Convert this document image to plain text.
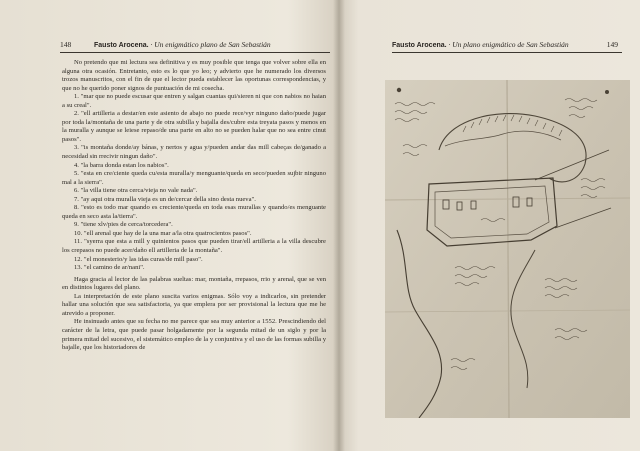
148	Fausto Arocena. · Un enigmático plano de San Sebastián

No pretendo que mi lectura sea definitiva y es muy posible que tenga que volver sobre ella en alguna otra ocasión. Entretanto, esto es lo que yo leo; y advierto que he numerado los diversos trozos manuscritos, con el fin de que el lector pueda establecer las oportunas correspondencias, y que no he querido poner signos de puntuación de mi cosecha.

1. "mar que no puede escusar que entren y salgan cuantas qui/sieren ni que con nabios no haian a su creal".

2. "ell artilleria a destar/en este asiento de abajo no puede rece/vyr ninguno daño/puede jugar por toda la/montaña de una parte y de otra subilla y bajalla des/cubre esta treyata pasos y menos en la muralla y aunque se leiese repaso/de una parte en alto no se pueden halar que no sea entre cinut pasos".

3. "is montaña donde/ay bánas, y nertos y agua y/pueden andar das mill cabeças de/ganado a necesidad sin rrecivir ningun daño".

4. "la barra donda estan los nabios".

5. "esta en cre/ciente queda cu/esta muralla/y menguante/queda en seco/pueden sujbir ninguno mal a la sierra".

6. "la villa tiene otra cerca/vieja no vale nada".

7. "ay aqui otra muralla vieja es un de/cercar della sino desta nueva".

8. "esto es todo mar quando es creciente/queda en toda esas murallas y quando/es menguante queda en seco asta la/tierra".

9. "tiene xlv/pies de cerca/torcedera".

10. "ell arenal que hay de la una mar a/la otra quatrocientos pasos".

11. "syerra que esta a mill y quinientos pasos que pueden tirar/ell artilleria a la villa descubre los crepasos no puede acer/daño ell artilleria de la montaña".

12. "el monesterio/y las idas curas/de mill paso".

13. "el camino de ar/nani".

Haga gracia al lector de las palabras sueltas: mar, montaña, rrepasos, rrio y arenal, que se ven en distintos lugares del plano.

La interpretación de este plano suscita varios enigmas. Sólo voy a indicarlos, sin pretender hallar una solución que sea satisfactoria, ya que emplera por ser provisional la lectura que me he atrevido a proponer.

He insinuado antes que su fecha no me parece que sea muy anterior a 1552. Prescindiendo del carácter de la letra, que puede pasar holgadamente por la segunda mitad de un siglo y por la primera mitad del sucesivo, el sistemático empleo de la y conjuntiva y el uso de las formas subilla y bajalle, que los historiadores de

Fausto Arocena. · Un plano enigmático de San Sebastián	149
